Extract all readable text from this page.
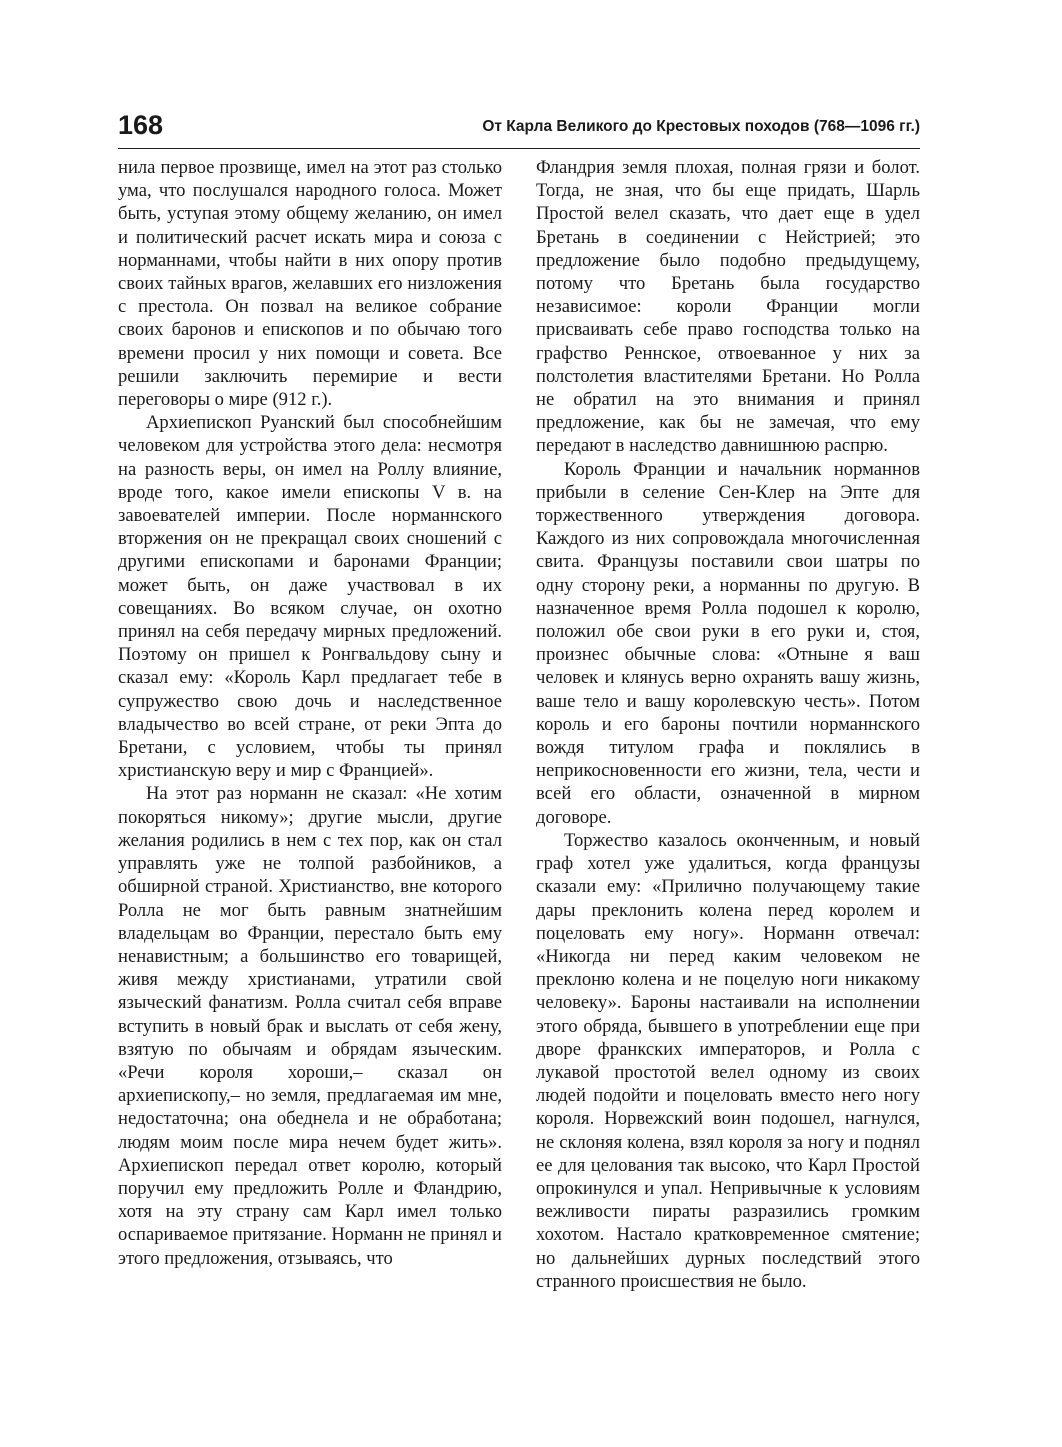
168	От Карла Великого до Крестовых походов (768—1096 гг.)

нила первое прозвище, имел на этот раз столько ума, что послушался народного голоса. Может быть, уступая этому общему желанию, он имел и политический расчет искать мира и союза с норманнами, чтобы найти в них опору против своих тайных врагов, желавших его низложения с престола. Он позвал на великое собрание своих баронов и епископов и по обычаю того времени просил у них помощи и совета. Все решили заключить перемирие и вести переговоры о мире (912 г.).

Архиепископ Руанский был способнейшим человеком для устройства этого дела: несмотря на разность веры, он имел на Роллу влияние, вроде того, какое имели епископы V в. на завоевателей империи. После норманнского вторжения он не прекращал своих сношений с другими епископами и баронами Франции; может быть, он даже участвовал в их совещаниях. Во всяком случае, он охотно принял на себя передачу мирных предложений. Поэтому он пришел к Ронгвальдову сыну и сказал ему: «Король Карл предлагает тебе в супружество свою дочь и наследственное владычество во всей стране, от реки Эпта до Бретани, с условием, чтобы ты принял христианскую веру и мир с Францией».

На этот раз норманн не сказал: «Не хотим покоряться никому»; другие мысли, другие желания родились в нем с тех пор, как он стал управлять уже не толпой разбойников, а обширной страной. Христианство, вне которого Ролла не мог быть равным знатнейшим владельцам во Франции, перестало быть ему ненавистным; а большинство его товарищей, живя между христианами, утратили свой языческий фанатизм. Ролла считал себя вправе вступить в новый брак и выслать от себя жену, взятую по обычаям и обрядам языческим. «Речи короля хороши,– сказал он архиепископу,– но земля, предлагаемая им мне, недостаточна; она обеднела и не обработана; людям моим после мира нечем будет жить». Архиепископ передал ответ королю, который поручил ему предложить Ролле и Фландрию, хотя на эту страну сам Карл имел только оспариваемое притязание. Норманн не принял и этого предложения, отзываясь, что

Фландрия земля плохая, полная грязи и болот. Тогда, не зная, что бы еще придать, Шарль Простой велел сказать, что дает еще в удел Бретань в соединении с Нейстрией; это предложение было подобно предыдущему, потому что Бретань была государство независимое: короли Франции могли присваивать себе право господства только на графство Реннское, отвоеванное у них за полстолетия властителями Бретани. Но Ролла не обратил на это внимания и принял предложение, как бы не замечая, что ему передают в наследство давнишнюю распрю.

Король Франции и начальник норманнов прибыли в селение Сен-Клер на Эпте для торжественного утверждения договора. Каждого из них сопровождала многочисленная свита. Французы поставили свои шатры по одну сторону реки, а норманны по другую. В назначенное время Ролла подошел к королю, положил обе свои руки в его руки и, стоя, произнес обычные слова: «Отныне я ваш человек и клянусь верно охранять вашу жизнь, ваше тело и вашу королевскую честь». Потом король и его бароны почтили норманнского вождя титулом графа и поклялись в неприкосновенности его жизни, тела, чести и всей его области, означенной в мирном договоре.

Торжество казалось оконченным, и новый граф хотел уже удалиться, когда французы сказали ему: «Прилично получающему такие дары преклонить колена перед королем и поцеловать ему ногу». Норманн отвечал: «Никогда ни перед каким человеком не преклоню колена и не поцелую ноги никакому человеку». Бароны настаивали на исполнении этого обряда, бывшего в употреблении еще при дворе франкских императоров, и Ролла с лукавой простотой велел одному из своих людей подойти и поцеловать вместо него ногу короля. Норвежский воин подошел, нагнулся, не склоняя колена, взял короля за ногу и поднял ее для целования так высоко, что Карл Простой опрокинулся и упал. Непривычные к условиям вежливости пираты разразились громким хохотом. Настало кратковременное смятение; но дальнейших дурных последствий этого странного происшествия не было.
